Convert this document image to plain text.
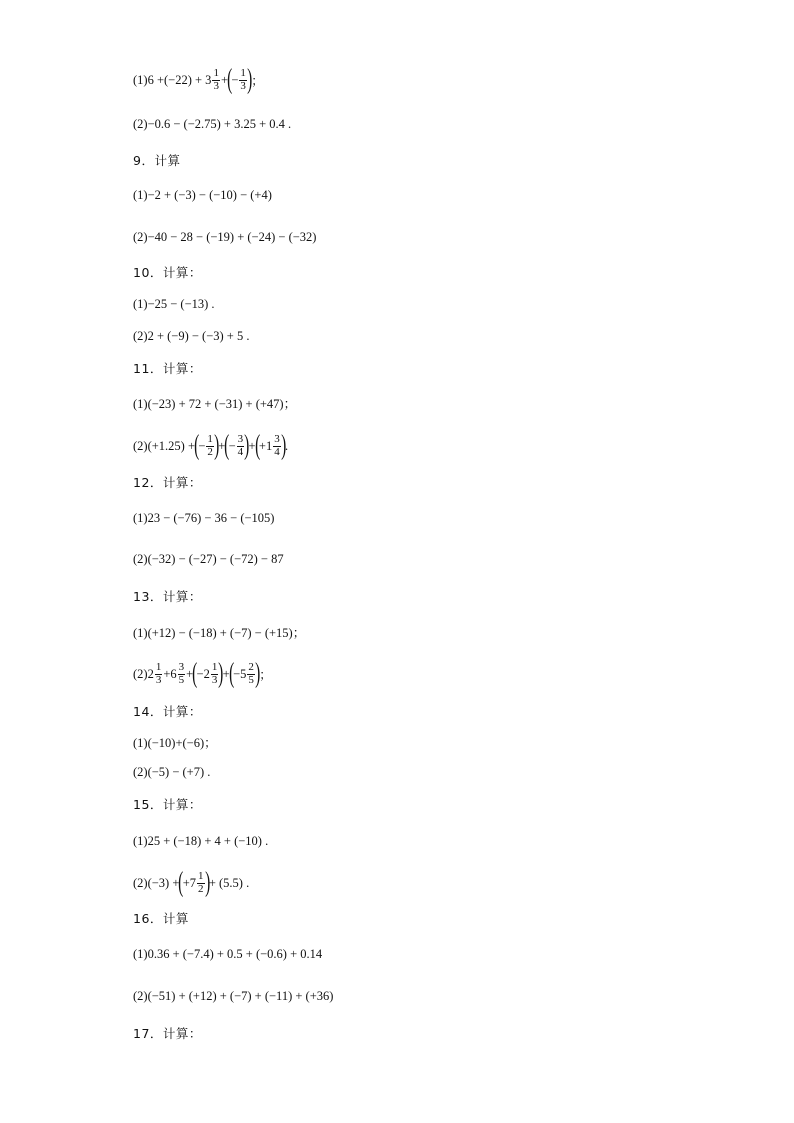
$(1)6 + (-22) + 3 \frac{1}{3}$ + ( − $\frac{1}{3}$ ) ；
(2)−0.6 − (−2.75) + 3.25 + 0.4 .
9．计算
(1)−2 + (−3) − (−10) − (+4)
(2)−40 − 28 − (−19) + (−24) − (−32)
10．计算：
(1)−25 − (−13) .
(2)2 + (−9) − (−3) + 5 .
11．计算：
(1)(−23) + 72 + (−31) + (+47)；
(2)(+1.25) + ( − $\frac{1}{2}$ ) + ( − $\frac{3}{4}$ ) + ( $+1 \frac{3}{4}$ ) .
12．计算：
(1)23 − (−76) − 36 − (−105)
(2)(−32) − (−27) − (−72) − 87
13．计算：
(1)(+12) − (−18) + (−7) − (+15)；
$(2)2 \frac{1}{3} +6 \frac{3}{5}$ + ( $-2 \frac{1}{3}$ ) + ( $-5 \frac{2}{5}$ ) ；
14．计算：
(1)(−10)+(−6)；
(2)(−5) − (+7) .
15．计算：
(1)25 + (−18) + 4 + (−10) .
(2)(−3) + ( $+7 \frac{1}{2}$ ) + (5.5) .
16．计算
(1)0.36 + (−7.4) + 0.5 + (−0.6) + 0.14
(2)(−51) + (+12) + (−7) + (−11) + (+36)
17．计算：
